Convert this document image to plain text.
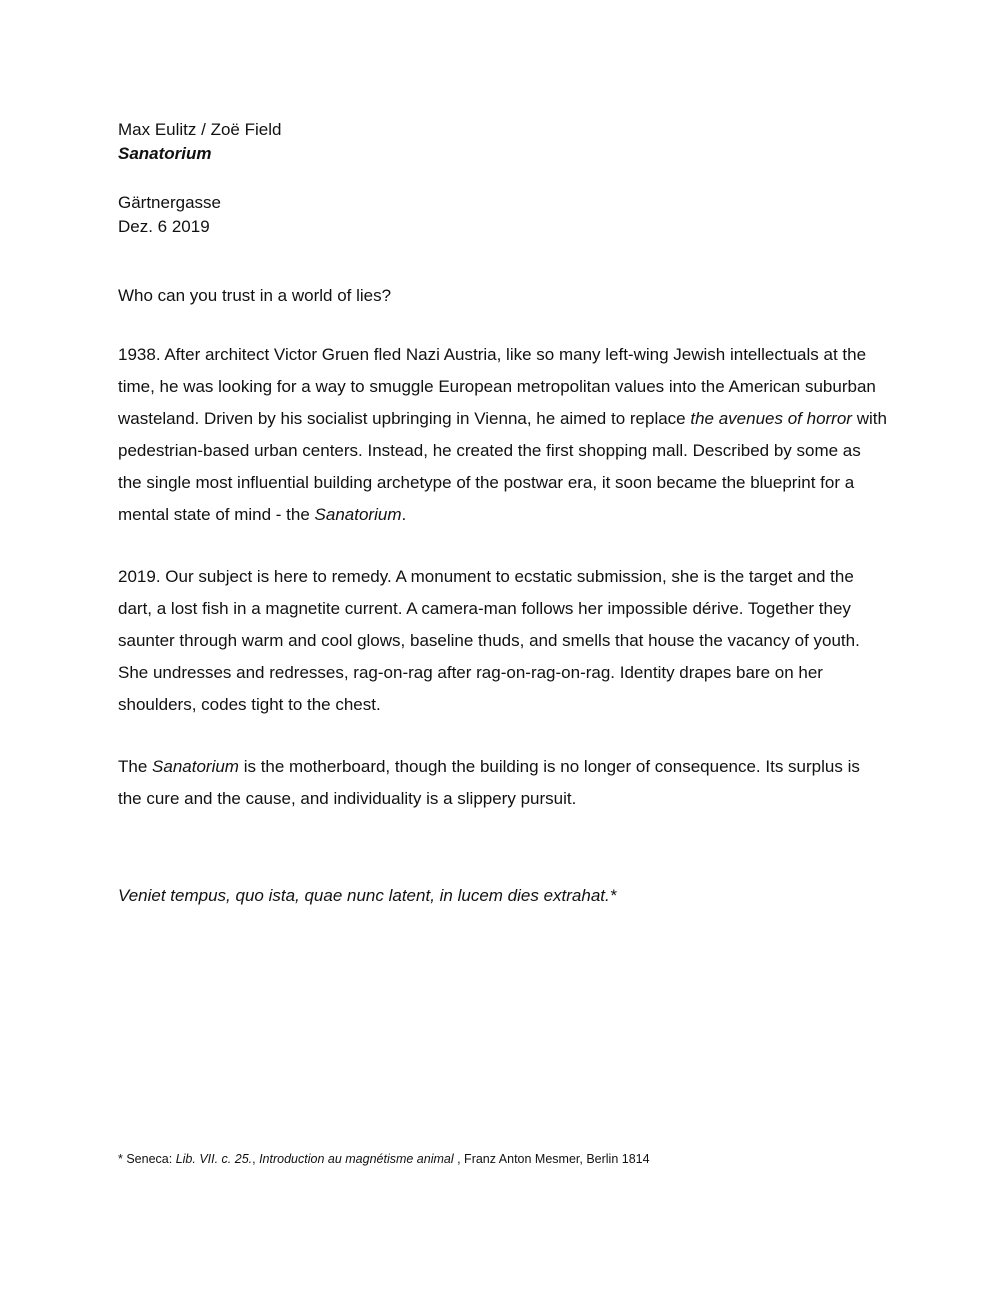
Max Eulitz / Zoë Field
Sanatorium
Gärtnergasse
Dez. 6 2019
Who can you trust in a world of lies?
1938. After architect Victor Gruen fled Nazi Austria, like so many left-wing Jewish intellectuals at the time, he was looking for a way to smuggle European metropolitan values into the American suburban wasteland. Driven by his socialist upbringing in Vienna, he aimed to replace the avenues of horror with pedestrian-based urban centers. Instead, he created the first shopping mall. Described by some as the single most influential building archetype of the postwar era, it soon became the blueprint for a mental state of mind - the Sanatorium.
2019. Our subject is here to remedy. A monument to ecstatic submission, she is the target and the dart, a lost fish in a magnetite current. A camera-man follows her impossible dérive. Together they saunter through warm and cool glows, baseline thuds, and smells that house the vacancy of youth. She undresses and redresses, rag-on-rag after rag-on-rag-on-rag. Identity drapes bare on her shoulders, codes tight to the chest.
The Sanatorium is the motherboard, though the building is no longer of consequence. Its surplus is the cure and the cause, and individuality is a slippery pursuit.
Veniet tempus, quo ista, quae nunc latent, in lucem dies extrahat.*
* Seneca: Lib. VII. c. 25., Introduction au magnétisme animal , Franz Anton Mesmer, Berlin 1814
